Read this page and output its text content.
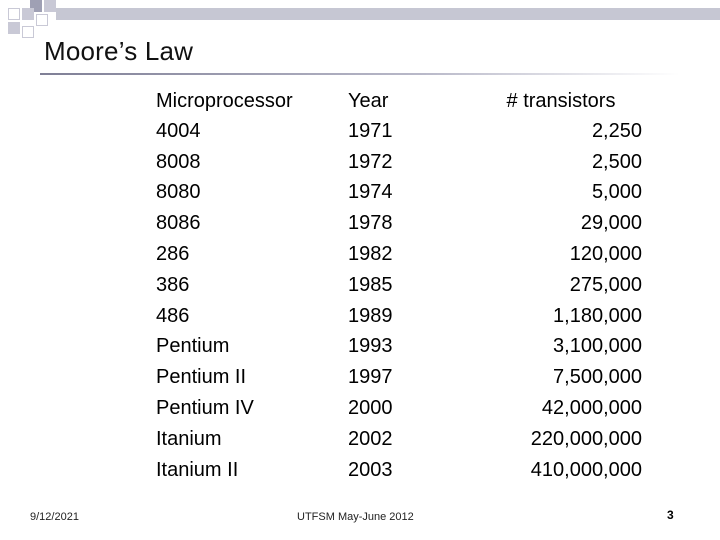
Moore’s Law
Microprocessor	Year	# transistors
4004	1971	2,250
8008	1972	2,500
8080	1974	5,000
8086	1978	29,000
286	1982	120,000
386	1985	275,000
486	1989	1,180,000
Pentium	1993	3,100,000
Pentium II	1997	7,500,000
Pentium IV	2000	42,000,000
Itanium	2002	220,000,000
Itanium II	2003	410,000,000
9/12/2021	UTFSM May-June 2012	3
